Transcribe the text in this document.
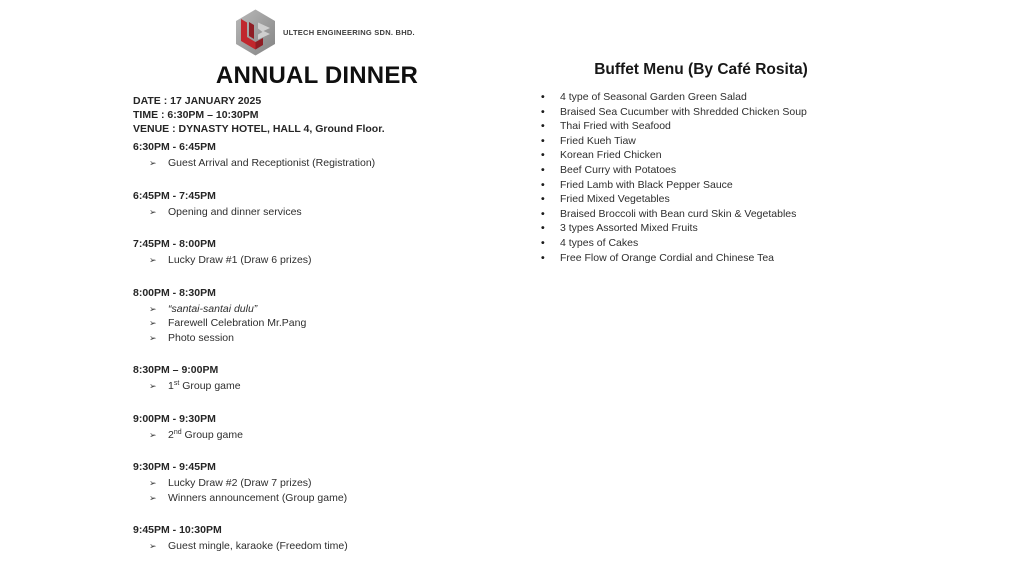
ULTECH ENGINEERING SDN. BHD.
ANNUAL DINNER
DATE : 17 JANUARY 2025
TIME : 6:30PM – 10:30PM
VENUE : DYNASTY HOTEL, HALL 4, Ground Floor.
6:30PM - 6:45PM
➢	Guest Arrival and Receptionist (Registration)
6:45PM - 7:45PM
➢	Opening and dinner services
7:45PM - 8:00PM
➢	Lucky Draw #1 (Draw 6 prizes)
8:00PM - 8:30PM
➢	“santai-santai dulu”
➢	Farewell Celebration Mr.Pang
➢	Photo session
8:30PM – 9:00PM
➢	1st Group game
9:00PM - 9:30PM
➢	2nd Group game
9:30PM - 9:45PM
➢	Lucky Draw #2 (Draw 7 prizes)
➢	Winners announcement (Group game)
9:45PM - 10:30PM
➢	Guest mingle, karaoke (Freedom time)
Buffet Menu (By Café Rosita)
•	4 type of Seasonal Garden Green Salad
•	Braised Sea Cucumber with Shredded Chicken Soup
•	Thai Fried with Seafood
•	Fried Kueh Tiaw
•	Korean Fried Chicken
•	Beef Curry with Potatoes
•	Fried Lamb with Black Pepper Sauce
•	Fried Mixed Vegetables
•	Braised Broccoli with Bean curd Skin & Vegetables
•	3 types Assorted Mixed Fruits
•	4 types of Cakes
•	Free Flow of Orange Cordial and Chinese Tea
